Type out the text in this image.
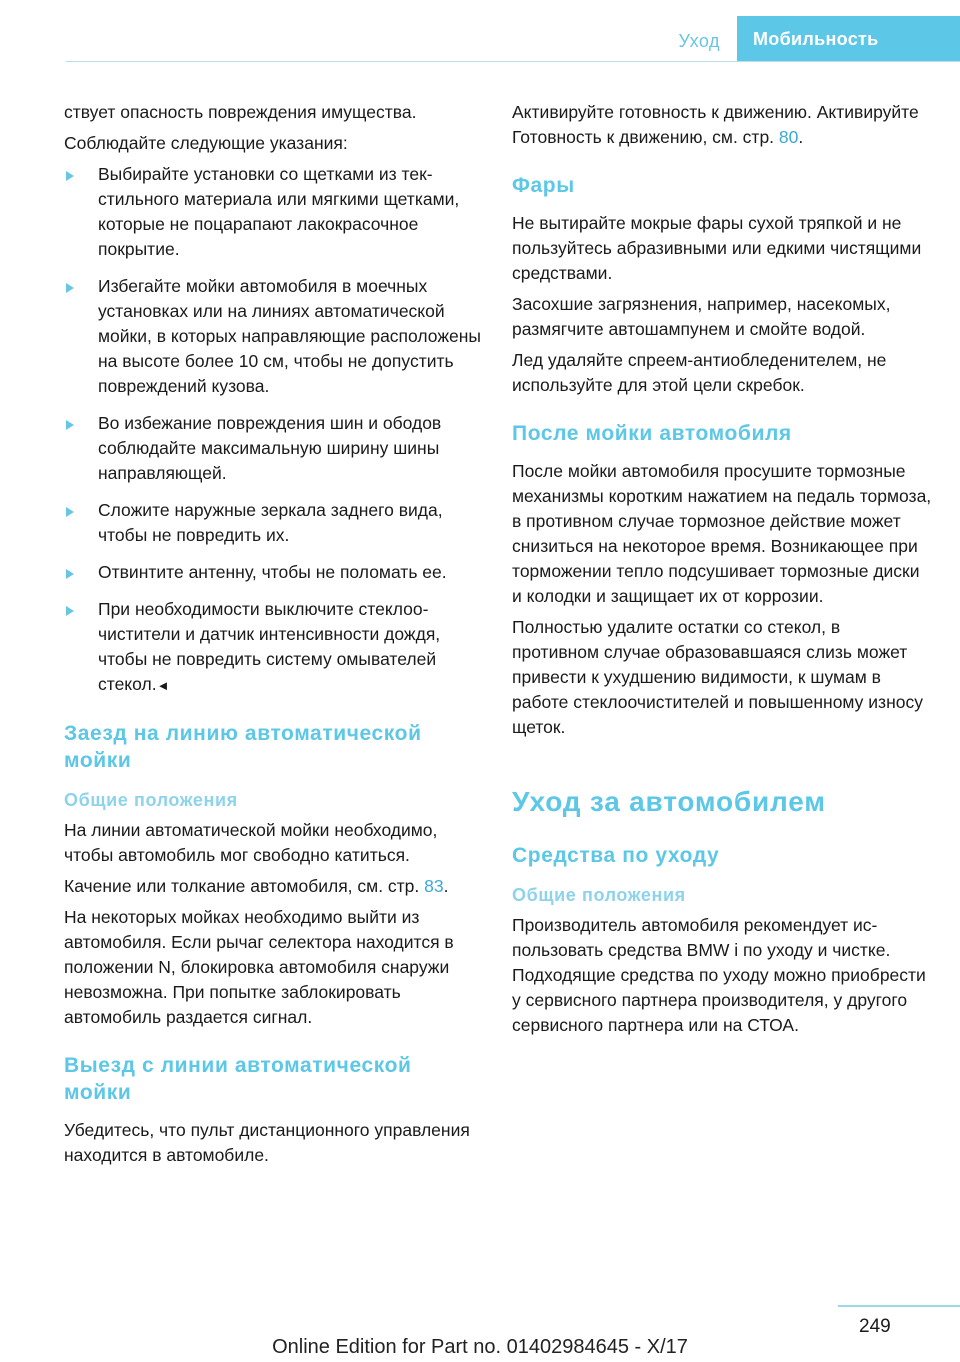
Уход	Мобильность

ствует опасность повреждения имущества.

Соблюдайте следующие указания:

Выбирайте установки со щетками из текстильного материала или мягкими щетками, которые не поцарапают лакокрасочное покрытие.
Избегайте мойки автомобиля в моечных установках или на линиях автоматической мойки, в которых направляющие расположены на высоте более 10 см, чтобы не допустить повреждений кузова.
Во избежание повреждения шин и ободов соблюдайте максимальную ширину шины направляющей.
Сложите наружные зеркала заднего вида, чтобы не повредить их.
Отвинтите антенну, чтобы не поломать ее.
При необходимости выключите стеклоочистители и датчик интенсивности дождя, чтобы не повредить систему омывателей стекол.◄
Заезд на линию автоматической мойки
Общие положения

На линии автоматической мойки необходимо, чтобы автомобиль мог свободно катиться.

Качение или толкание автомобиля, см. стр. 83.

На некоторых мойках необходимо выйти из автомобиля. Если рычаг селектора находится в положении N, блокировка автомобиля снаружи невозможна. При попытке заблокировать автомобиль раздается сигнал.

Выезд с линии автоматической мойки

Убедитесь, что пульт дистанционного управления находится в автомобиле.

Активируйте готовность к движению. Активируйте Готовность к движению, см. стр. 80.

Фары

Не вытирайте мокрые фары сухой тряпкой и не пользуйтесь абразивными или едкими чистящими средствами.

Засохшие загрязнения, например, насекомых, размягчите автошампунем и смойте водой.

Лед удаляйте спреем-антиобледенителем, не используйте для этой цели скребок.

После мойки автомобиля

После мойки автомобиля просушите тормозные механизмы коротким нажатием на педаль тормоза, в противном случае тормозное действие может снизиться на некоторое время. Возникающее при торможении тепло подсушивает тормозные диски и колодки и защищает их от коррозии.

Полностью удалите остатки со стекол, в противном случае образовавшаяся слизь может привести к ухудшению видимости, к шумам в работе стеклоочистителей и повышенному износу щеток.

Уход за автомобилем
Средства по уходу
Общие положения

Производитель автомобиля рекомендует использовать средства BMW i по уходу и чистке. Подходящие средства по уходу можно приобрести у сервисного партнера производителя, у другого сервисного партнера или на СТОА.

249
Online Edition for Part no. 01402984645 - X/17
